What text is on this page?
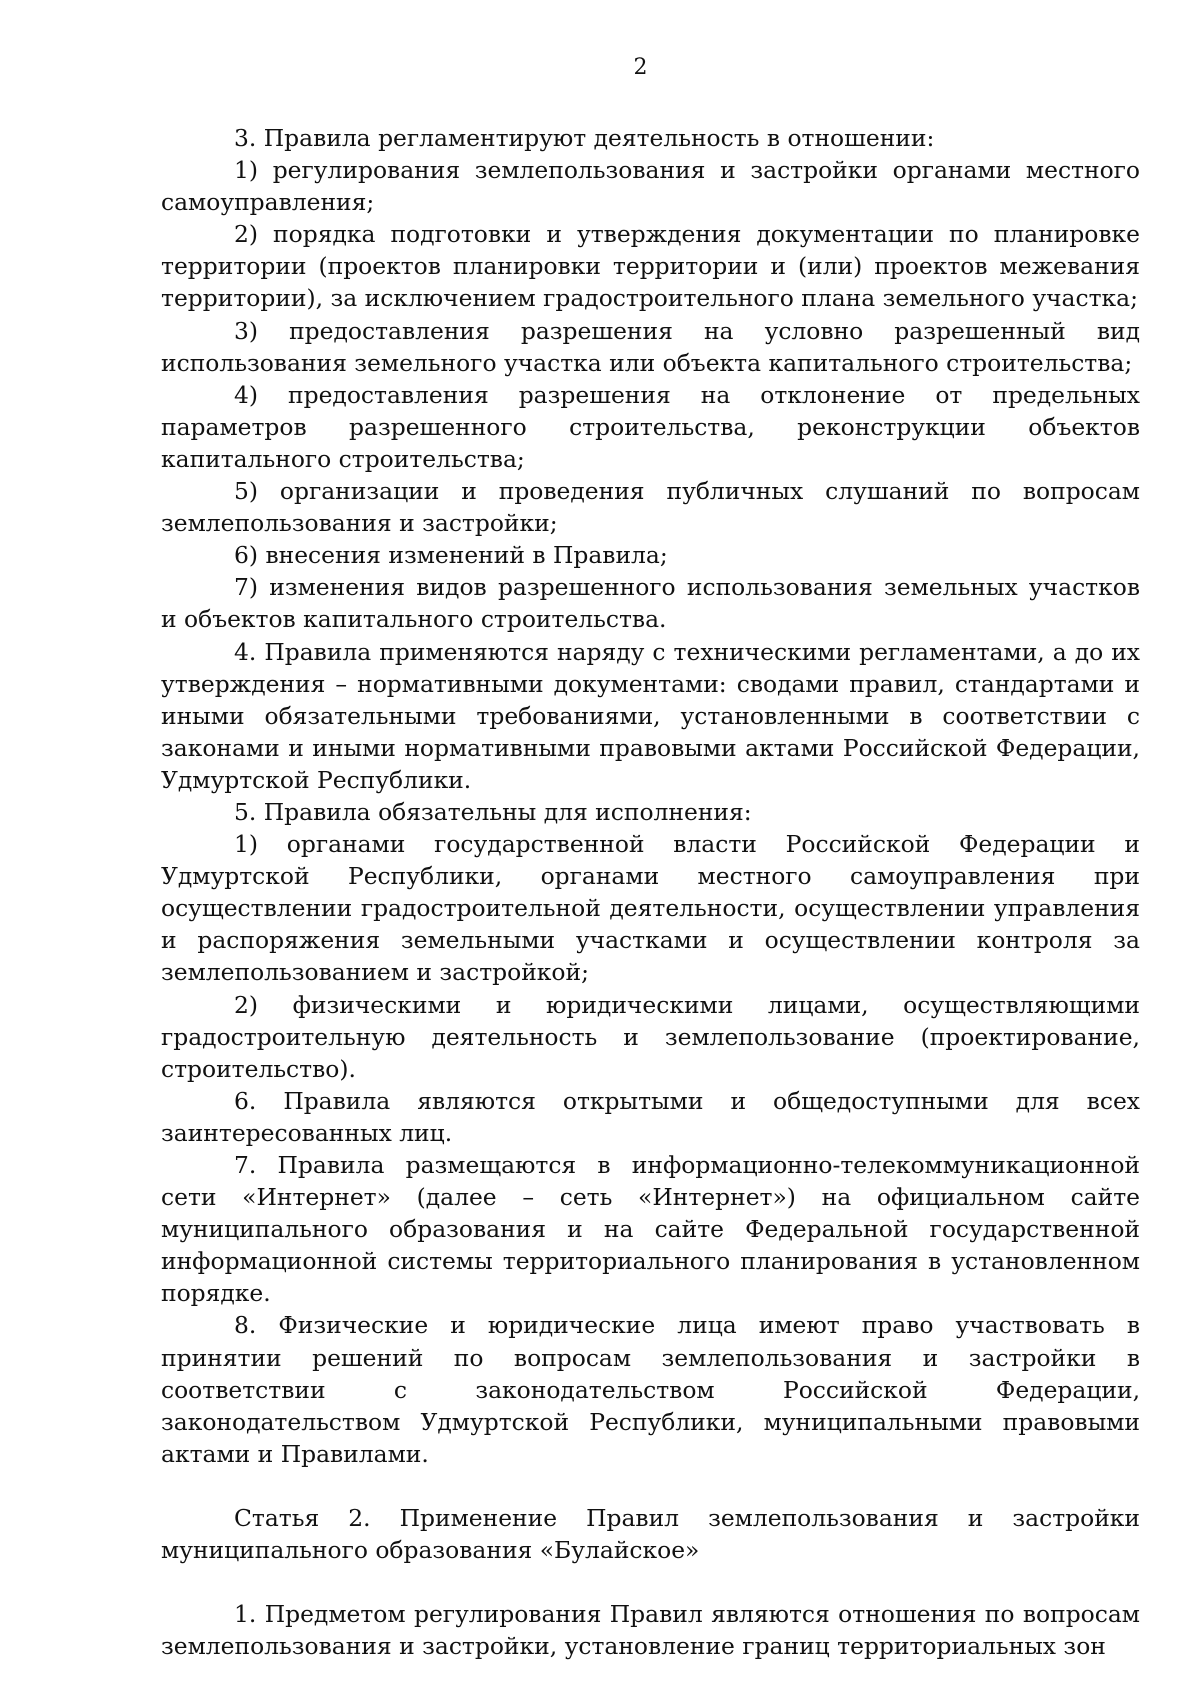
2

3. Правила регламентируют деятельность в отношении:

1) регулирования землепользования и застройки органами местного самоуправления;

2) порядка подготовки и утверждения документации по планировке территории (проектов планировки территории и (или) проектов межевания территории), за исключением градостроительного плана земельного участка;

3) предоставления разрешения на условно разрешенный вид использования земельного участка или объекта капитального строительства;

4) предоставления разрешения на отклонение от предельных параметров разрешенного строительства, реконструкции объектов капитального строительства;

5) организации и проведения публичных слушаний по вопросам землепользования и застройки;

6) внесения изменений в Правила;

7) изменения видов разрешенного использования земельных участков и объектов капитального строительства.

4. Правила применяются наряду с техническими регламентами, а до их утверждения – нормативными документами: сводами правил, стандартами и иными обязательными требованиями, установленными в соответствии с законами и иными нормативными правовыми актами Российской Федерации, Удмуртской Республики.

5. Правила обязательны для исполнения:

1) органами государственной власти Российской Федерации и Удмуртской Республики, органами местного самоуправления при осуществлении градостроительной деятельности, осуществлении управления и распоряжения земельными участками и осуществлении контроля за землепользованием и застройкой;

2) физическими и юридическими лицами, осуществляющими градостроительную деятельность и землепользование (проектирование, строительство).

6. Правила являются открытыми и общедоступными для всех заинтересованных лиц.

7. Правила размещаются в информационно-телекоммуникационной сети «Интернет» (далее – сеть «Интернет») на официальном сайте муниципального образования и на сайте Федеральной государственной информационной системы территориального планирования в установленном порядке.

8. Физические и юридические лица имеют право участвовать в принятии решений по вопросам землепользования и застройки в соответствии с законодательством Российской Федерации, законодательством Удмуртской Республики, муниципальными правовыми актами и Правилами.

Статья 2. Применение Правил землепользования и застройки муниципального образования «Булайское»

1. Предметом регулирования Правил являются отношения по вопросам землепользования и застройки, установление границ территориальных зон
